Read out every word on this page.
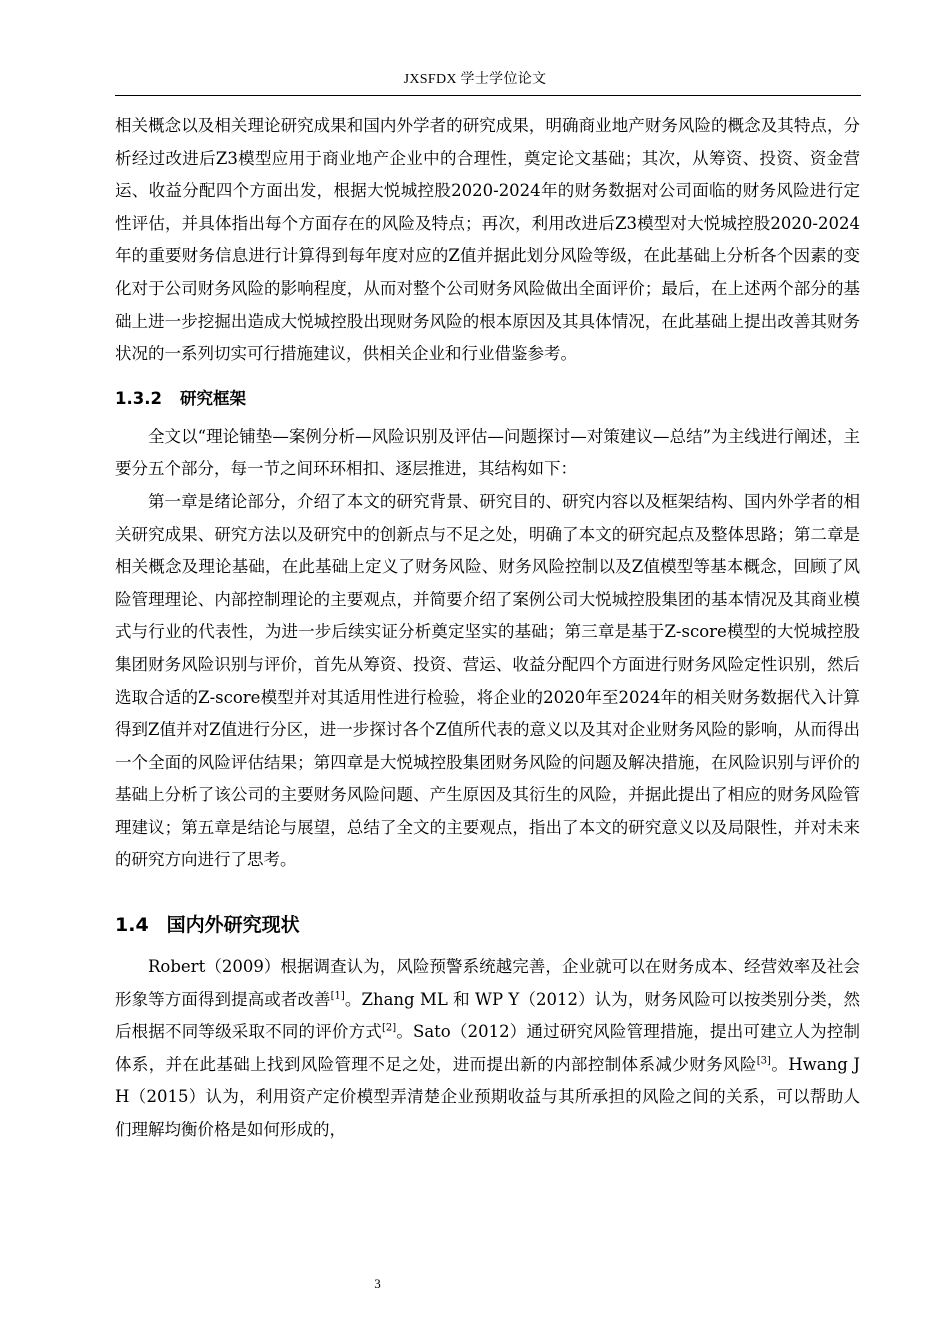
JXSFDX 学士学位论文

相关概念以及相关理论研究成果和国内外学者的研究成果，明确商业地产财务风险的概念及其特点，分析经过改进后Z3模型应用于商业地产企业中的合理性，奠定论文基础；其次，从筹资、投资、资金营运、收益分配四个方面出发，根据大悦城控股2020-2024年的财务数据对公司面临的财务风险进行定性评估，并具体指出每个方面存在的风险及特点；再次，利用改进后Z3模型对大悦城控股2020-2024年的重要财务信息进行计算得到每年度对应的Z值并据此划分风险等级，在此基础上分析各个因素的变化对于公司财务风险的影响程度，从而对整个公司财务风险做出全面评价；最后，在上述两个部分的基础上进一步挖掘出造成大悦城控股出现财务风险的根本原因及其具体情况，在此基础上提出改善其财务状况的一系列切实可行措施建议，供相关企业和行业借鉴参考。

1.3.2 研究框架

全文以“理论铺垫—案例分析—风险识别及评估—问题探讨—对策建议—总结”为主线进行阐述，主要分五个部分，每一节之间环环相扣、逐层推进，其结构如下：

第一章是绪论部分，介绍了本文的研究背景、研究目的、研究内容以及框架结构、国内外学者的相关研究成果、研究方法以及研究中的创新点与不足之处，明确了本文的研究起点及整体思路；第二章是相关概念及理论基础，在此基础上定义了财务风险、财务风险控制以及Z值模型等基本概念，回顾了风险管理理论、内部控制理论的主要观点，并简要介绍了案例公司大悦城控股集团的基本情况及其商业模式与行业的代表性，为进一步后续实证分析奠定坚实的基础；第三章是基于Z-score模型的大悦城控股集团财务风险识别与评价，首先从筹资、投资、营运、收益分配四个方面进行财务风险定性识别，然后选取合适的Z-score模型并对其适用性进行检验，将企业的2020年至2024年的相关财务数据代入计算得到Z值并对Z值进行分区，进一步探讨各个Z值所代表的意义以及其对企业财务风险的影响，从而得出一个全面的风险评估结果；第四章是大悦城控股集团财务风险的问题及解决措施，在风险识别与评价的基础上分析了该公司的主要财务风险问题、产生原因及其衍生的风险，并据此提出了相应的财务风险管理建议；第五章是结论与展望，总结了全文的主要观点，指出了本文的研究意义以及局限性，并对未来的研究方向进行了思考。

1.4 国内外研究现状

Robert（2009）根据调查认为，风险预警系统越完善，企业就可以在财务成本、经营效率及社会形象等方面得到提高或者改善[1]。Zhang ML 和 WP Y（2012）认为，财务风险可以按类别分类，然后根据不同等级采取不同的评价方式[2]。Sato（2012）通过研究风险管理措施，提出可建立人为控制体系，并在此基础上找到风险管理不足之处，进而提出新的内部控制体系减少财务风险[3]。Hwang J H（2015）认为，利用资产定价模型弄清楚企业预期收益与其所承担的风险之间的关系，可以帮助人们理解均衡价格是如何形成的，

3
